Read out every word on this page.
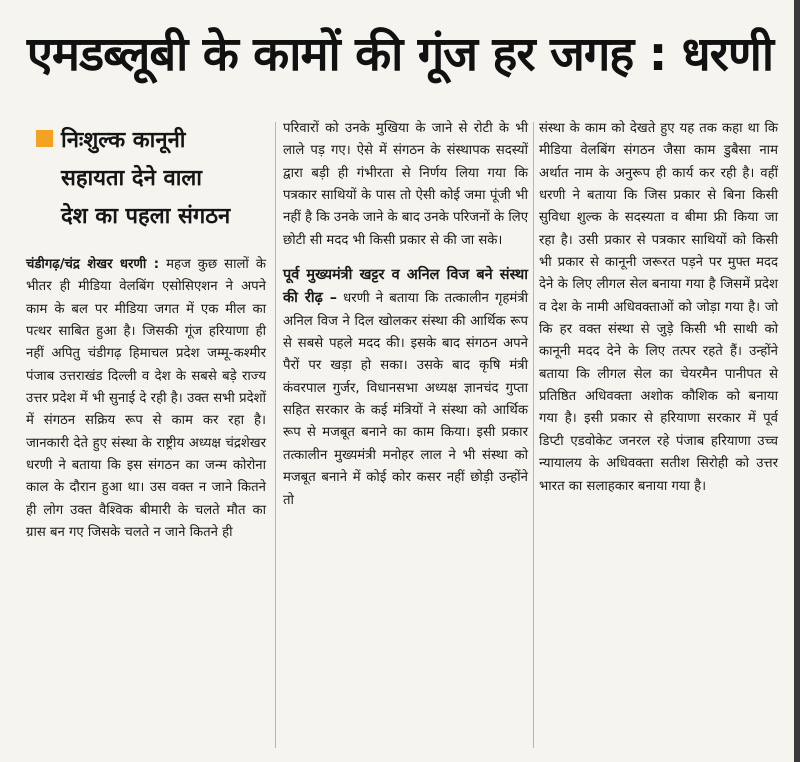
एमडब्लूबी के कामों की गूंज हर जगह : धरणी
निःशुल्क कानूनी
सहायता देने वाला
देश का पहला संगठन

चंडीगढ़/चंद्र शेखर धरणी : महज कुछ सालों के भीतर ही मीडिया वेलबिंग एसोसिएशन ने अपने काम के बल पर मीडिया जगत में एक मील का पत्थर साबित हुआ है। जिसकी गूंज हरियाणा ही नहीं अपितु चंडीगढ़ हिमाचल प्रदेश जम्मू-कश्मीर पंजाब उत्तराखंड दिल्ली व देश के सबसे बड़े राज्य उत्तर प्रदेश में भी सुनाई दे रही है। उक्त सभी प्रदेशों में संगठन सक्रिय रूप से काम कर रहा है। जानकारी देते हुए संस्था के राष्ट्रीय अध्यक्ष चंद्रशेखर धरणी ने बताया कि इस संगठन का जन्म कोरोना काल के दौरान हुआ था। उस वक्त न जाने कितने ही लोग उक्त वैश्विक बीमारी के चलते मौत का ग्रास बन गए जिसके चलते न जाने कितने ही

परिवारों को उनके मुखिया के जाने से रोटी के भी लाले पड़ गए। ऐसे में संगठन के संस्थापक सदस्यों द्वारा बड़ी ही गंभीरता से निर्णय लिया गया कि पत्रकार साथियों के पास तो ऐसी कोई जमा पूंजी भी नहीं है कि उनके जाने के बाद उनके परिजनों के लिए छोटी सी मदद भी किसी प्रकार से की जा सके।

पूर्व मुख्यमंत्री खट्टर व अनिल विज बने संस्था की रीढ़ – धरणी ने बताया कि तत्कालीन गृहमंत्री अनिल विज ने दिल खोलकर संस्था की आर्थिक रूप से सबसे पहले मदद की। इसके बाद संगठन अपने पैरों पर खड़ा हो सका। उसके बाद कृषि मंत्री कंवरपाल गुर्जर, विधानसभा अध्यक्ष ज्ञानचंद गुप्ता सहित सरकार के कई मंत्रियों ने संस्था को आर्थिक रूप से मजबूत बनाने का काम किया। इसी प्रकार तत्कालीन मुख्यमंत्री मनोहर लाल ने भी संस्था को मजबूत बनाने में कोई कोर कसर नहीं छोड़ी उन्होंने तो

संस्था के काम को देखते हुए यह तक कहा था कि मीडिया वेलबिंग संगठन जैसा काम डुबैसा नाम अर्थात नाम के अनुरूप ही कार्य कर रही है। वहीं धरणी ने बताया कि जिस प्रकार से बिना किसी सुविधा शुल्क के सदस्यता व बीमा फ्री किया जा रहा है। उसी प्रकार से पत्रकार साथियों को किसी भी प्रकार से कानूनी जरूरत पड़ने पर मुफ्त मदद देने के लिए लीगल सेल बनाया गया है जिसमें प्रदेश व देश के नामी अधिवक्ताओं को जोड़ा गया है। जो कि हर वक्त संस्था से जुड़े किसी भी साथी को कानूनी मदद देने के लिए तत्पर रहते हैं। उन्होंने बताया कि लीगल सेल का चेयरमैन पानीपत से प्रतिष्ठित अधिवक्ता अशोक कौशिक को बनाया गया है। इसी प्रकार से हरियाणा सरकार में पूर्व डिप्टी एडवोकेट जनरल रहे पंजाब हरियाणा उच्च न्यायालय के अधिवक्ता सतीश सिरोही को उत्तर भारत का सलाहकार बनाया गया है।
